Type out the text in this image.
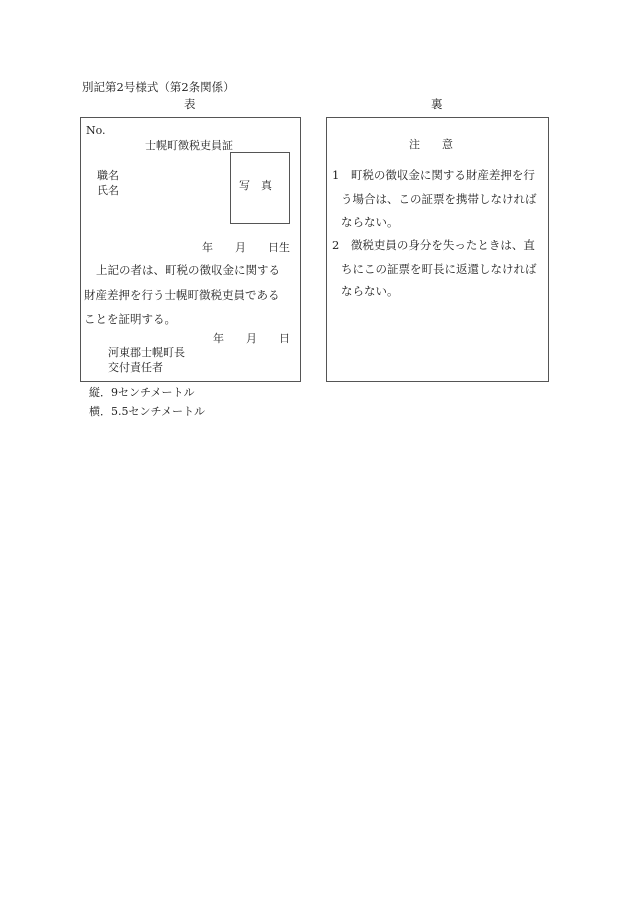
別記第2号様式（第2条関係）
表	裏
No.
士幌町徴税吏員証
職名
氏名	写　真
年　　月　　日生
上記の者は、町税の徴収金に関する
財産差押を行う士幌町徴税吏員である
ことを証明する。
年　　月　　日
河東郡士幌町長
交付責任者
注　　意
1　町税の徴収金に関する財産差押を行
う場合は、この証票を携帯しなければ
ならない。
2　徴税吏員の身分を失ったときは、直
ちにこの証票を町長に返還しなければ
ならない。
縦．9センチメートル
横．5.5センチメートル
